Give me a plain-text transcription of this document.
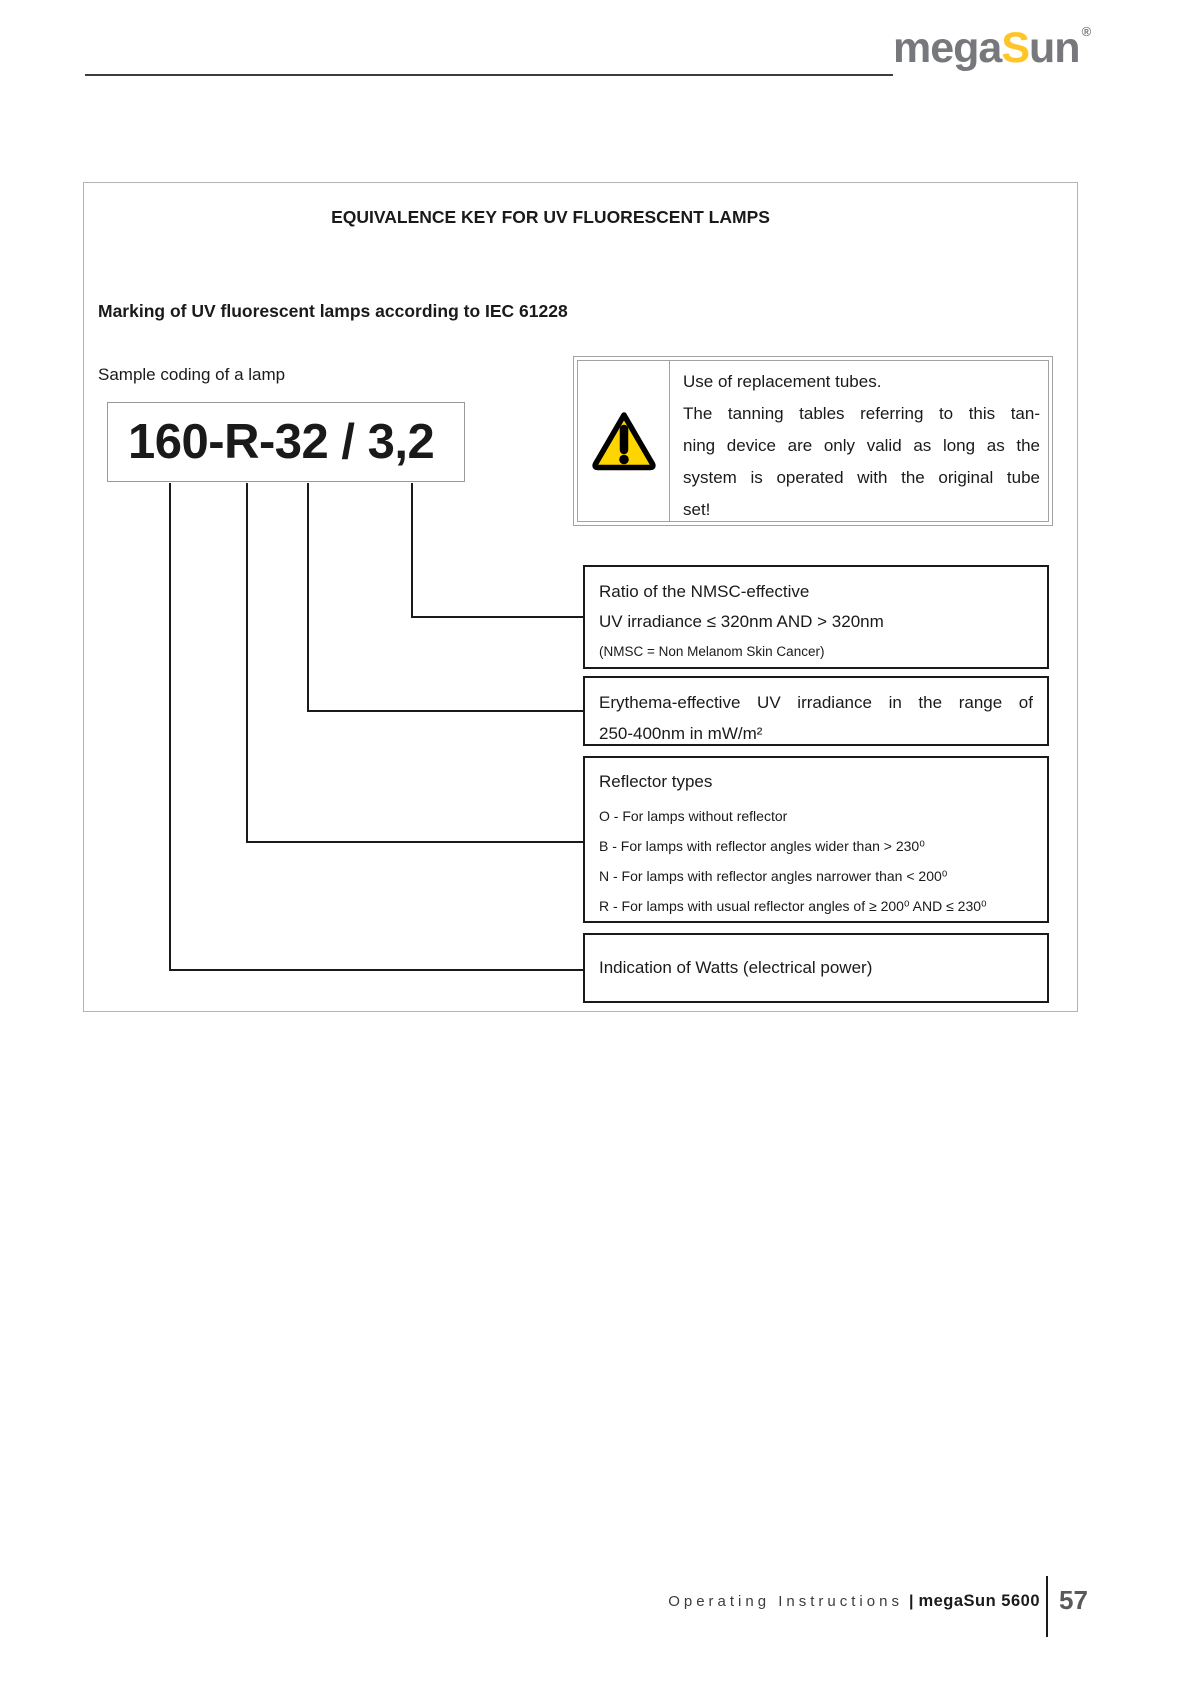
megaSun ®
EQUIVALENCE KEY FOR UV FLUORESCENT LAMPS
Marking of UV fluorescent lamps according to IEC 61228
Sample coding of a lamp
160-R-32 / 3,2
Use of replacement tubes.
The tanning tables referring to this tan-
ning device are only valid as long as the
system is operated with the original tube
set!
Ratio of the NMSC-effective
UV irradiance ≤ 320nm AND > 320nm
(NMSC = Non Melanom Skin Cancer)
Erythema-effective UV irradiance in the range of
250-400nm in mW/m²
Reflector types
O - For lamps without reflector
B - For lamps with reflector angles wider than > 230⁰
N - For lamps with reflector angles narrower than < 200⁰
R - For lamps with usual reflector angles of ≥ 200⁰ AND ≤ 230⁰
Indication of Watts (electrical power)
Operating Instructions | megaSun 5600 57
